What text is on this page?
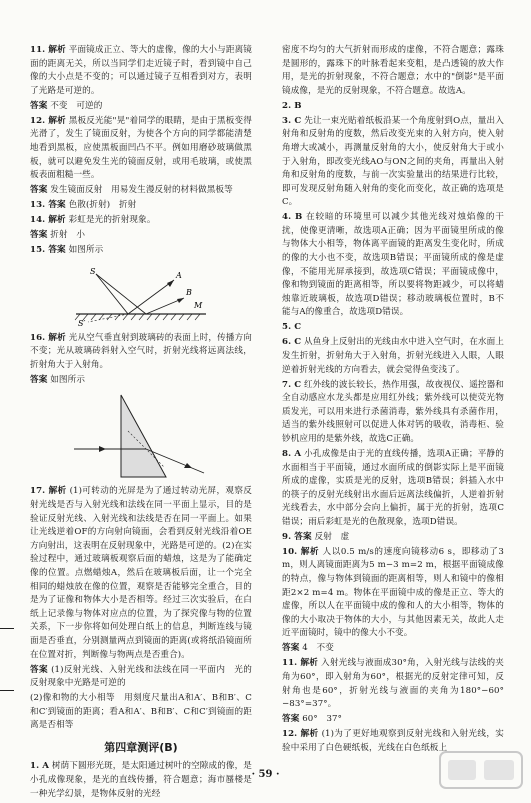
11. 解析 平面镜成正立、等大的虚像，像的大小与距离镜面的距离无关，所以当同学们走近镜子时，看到镜中自己像的大小点是不变的；可以通过镜子互相看到对方，表明了光路是可逆的。

答案 不变　可逆的

12. 解析 黑板反光能"晃"着同学的眼睛，是由于黑板变得光滑了，发生了镜面反射，为使各个方向的同学都能清楚地看到黑板，应使黑板面凹凸不平。例如用磨砂玻璃做黑板，就可以避免发生光的镜面反射，或用毛玻璃，或使黑板表面粗糙一些。

答案 发生镜面反射　用易发生漫反射的材料做黑板等

13. 答案 色散(折射)　折射

14. 解析 彩虹是光的折射现象。

答案 折射　小

15. 答案 如图所示

S
S′
A
B
M

16. 解析 光从空气垂直射到玻璃砖的表面上时，传播方向不变；光从玻璃砖斜射入空气时，折射光线将远离法线，折射角大于入射角。

答案 如图所示

17. 解析 (1)可转动的光屏是为了通过转动光屏，观察反射光线是否与入射光线和法线在同一平面上显示，目的是验证反射光线、入射光线和法线是否在同一平面上。如果让光线逆着OF的方向射向镜面，会看到反射光线沿着OE方向射出，这表明在反射现象中，光路是可逆的。(2)在实验过程中，通过玻璃板观察后面的蜡烛，这是为了能确定像的位置。点燃蜡烛A，然后在玻璃板后面，让一个完全相同的蜡烛放在像的位置，观察是否能够完全重合，目的是为了证像和物体大小是否相等。经过三次实验后，在白纸上记录像与物体对应点的位置，为了探究像与物的位置关系，下一步你将如何处理白纸上的信息，判断连线与镜面是否垂直，分别测量两点到镜面的距离(或将纸沿镜面所在位置对折，判断像与物两点是否重合)。

答案 (1)反射光线、入射光线和法线在同一平面内　光的反射现象中光路是可逆的

(2)像和物的大小相等　用刻度尺量出A和A′、B和B′、C和C′到镜面的距离；看A和A′、B和B′、C和C′到镜面的距离是否相等

第四章测评(B)

1. A 树荫下圆形光斑，是太阳通过树叶的空隙成的像，是小孔成像现象，是光的直线传播，符合题意；海市蜃楼是一种光学幻景，是物体反射的光经

密度不均匀的大气折射而形成的虚像，不符合题意；露珠是圆形的，露珠下的叶脉看起来变粗，是凸透镜的放大作用，是光的折射现象，不符合题意；水中的"倒影"是平面镜成像，是光的反射现象，不符合题意。故选A。

2. B

3. C 先让一束光贴着纸板沿某一个角度射到O点，量出入射角和反射角的度数，然后改变光束的入射方向，使入射角增大或减小，再测量反射角的大小，使反射角大于或小于入射角，即改变光线AO与ON之间的夹角，再量出入射角和反射角的度数，与前一次实验量出的结果进行比较，即可发现反射角随入射角的变化而变化，故正确的选项是C。

4. B 在较暗的环境里可以减少其他光线对烛焰像的干扰，使像更清晰，故选项A正确；因为平面镜里所成的像与物体大小相等，物体离平面镜的距离发生变化时，所成的像的大小也不变，故选项B错误；平面镜所成的像是虚像，不能用光屏承接到，故选项C错误；平面镜成像中，像和物到镜面的距离相等，所以要将物距减少，可以将蜡烛靠近玻璃板，故选项D错误；移动玻璃板位置时，B不能与A的像重合，故选项D错误。

5. C

6. C 从鱼身上反射出的光线由水中进入空气时，在水面上发生折射，折射角大于入射角，折射光线进入人眼，人眼逆着折射光线的方向看去，就会觉得鱼变浅了。

7. C 红外线的波长较长，热作用强，故夜视仪、遥控器和全自动感应水龙头都是应用红外线；紫外线可以使荧光物质发光，可以用来进行杀菌消毒，紫外线具有杀菌作用，适当的紫外线照射可以促进人体对钙的吸收，消毒柜、验钞机应用的是紫外线，故选C正确。

8. A 小孔成像是由于光的直线传播，选项A正确；平静的水面相当于平面镜，通过水面所成的倒影实际上是平面镜所成的虚像，实质是光的反射，选项B错误；斜插入水中的筷子的反射光线射出水面后远离法线偏折，人逆着折射光线看去，水中部分会向上偏折，属于光的折射，选项C错误；雨后彩虹是光的色散现象，选项D错误。

9. 答案 反射　虚

10. 解析 人以0.5 m/s的速度向镜移动6 s，即移动了3 m，则人离镜面距离为5 m−3 m=2 m，根据平面镜成像的特点，像与物体到镜面的距离相等，则人和镜中的像相距2×2 m=4 m。物体在平面镜中成的像是正立、等大的虚像，所以人在平面镜中成的像和人的大小相等，物体的像的大小取决于物体的大小，与其他因素无关，故此人走近平面镜时，镜中的像大小不变。

答案 4　不变

11. 解析 入射光线与液面成30°角，入射光线与法线的夹角为60°，即入射角为60°，根据光的反射定律可知，反射角也是60°，折射光线与液面的夹角为180°−60°−83°=37°。

答案 60°　37°

12. 解析 (1)为了更好地观察到反射光线和入射光线，实验中采用了白色硬纸板，光线在白色纸板上

· 59 ·
